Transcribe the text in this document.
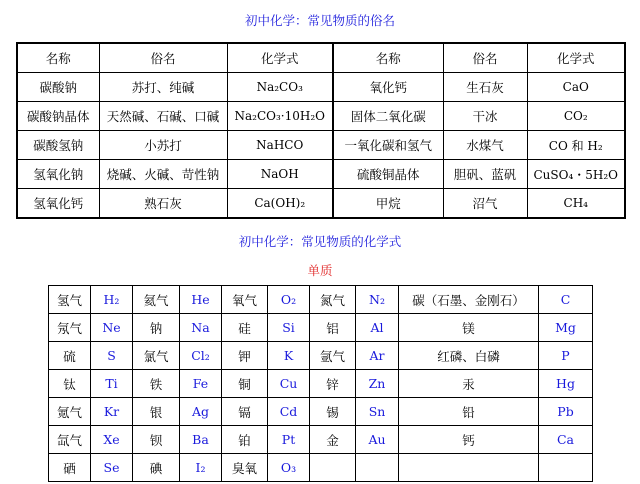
初中化学：常见物质的俗名
名称	俗名	化学式	名称	俗名	化学式
碳酸钠	苏打、纯碱	Na₂CO₃	氧化钙	生石灰	CaO
碳酸钠晶体	天然碱、石碱、口碱	Na₂CO₃·10H₂O	固体二氧化碳	干冰	CO₂
碳酸氢钠	小苏打	NaHCO	一氧化碳和氢气	水煤气	CO 和 H₂
氢氧化钠	烧碱、火碱、苛性钠	NaOH	硫酸铜晶体	胆矾、蓝矾	CuSO₄・5H₂O
氢氧化钙	熟石灰	Ca(OH)₂	甲烷	沼气	CH₄
初中化学：常见物质的化学式
单质
氢气	H₂	氦气	He	氧气	O₂	氮气	N₂	碳（石墨、金刚石）	C
氖气	Ne	钠	Na	硅	Si	铝	Al	镁	Mg
硫	S	氯气	Cl₂	钾	K	氩气	Ar	红磷、白磷	P
钛	Ti	铁	Fe	铜	Cu	锌	Zn	汞	Hg
氪气	Kr	银	Ag	镉	Cd	锡	Sn	铅	Pb
氙气	Xe	钡	Ba	铂	Pt	金	Au	钙	Ca
硒	Se	碘	I₂	臭氧	O₃				
